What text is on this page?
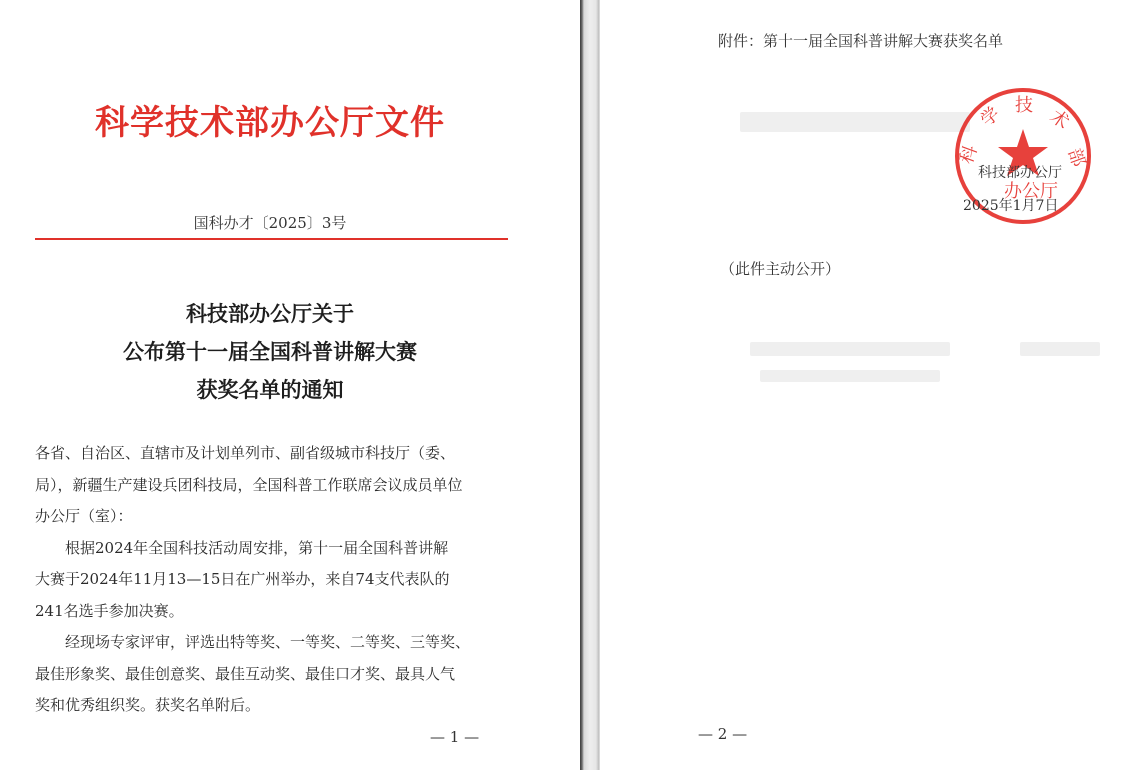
科学技术部办公厅文件
国科办才〔2025〕3号
科技部办公厅关于
公布第十一届全国科普讲解大赛
获奖名单的通知

各省、自治区、直辖市及计划单列市、副省级城市科技厅（委、

局），新疆生产建设兵团科技局，全国科普工作联席会议成员单位

办公厅（室）：

根据2024年全国科技活动周安排，第十一届全国科普讲解

大赛于2024年11月13—15日在广州举办，来自74支代表队的

241名选手参加决赛。

经现场专家评审，评选出特等奖、一等奖、二等奖、三等奖、

最佳形象奖、最佳创意奖、最佳互动奖、最佳口才奖、最具人气

奖和优秀组织奖。获奖名单附后。

— 1 —
附件：第十一届全国科普讲解大赛获奖名单
科
学 技
术
部
办公厅
科技部办公厅
2025年1月7日
（此件主动公开）
— 2 —
